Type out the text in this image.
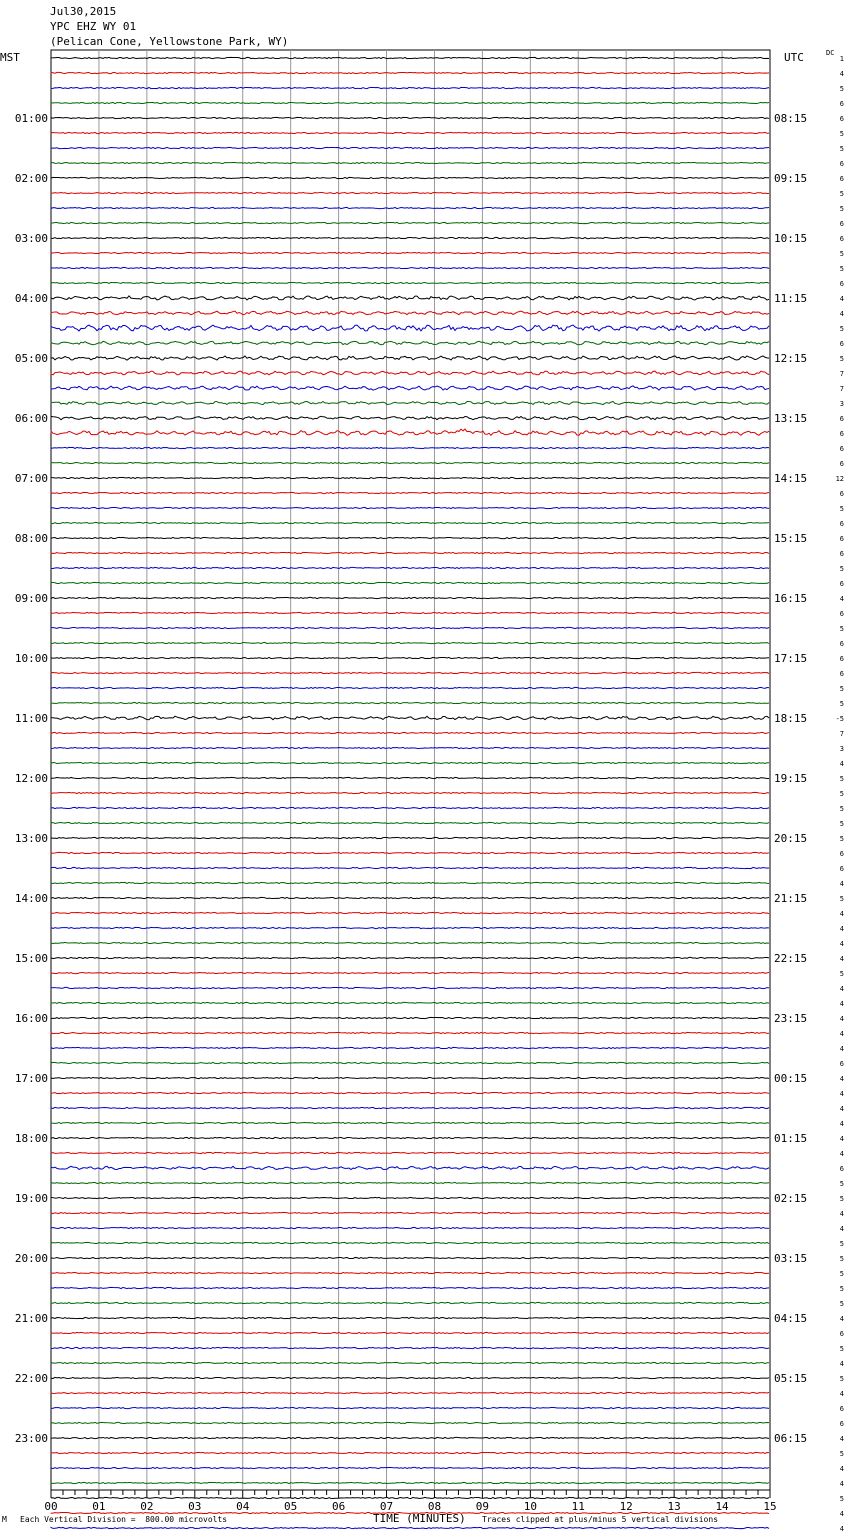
Jul30,2015
YPC EHZ WY 01
(Pelican Cone, Yellowstone Park, WY)
MST	UTC	DC
01:00	08:15
02:00	09:15
03:00	10:15
04:00	11:15
05:00	12:15
06:00	13:15
07:00	14:15
08:00	15:15
09:00	16:15
10:00	17:15
11:00	18:15
12:00	19:15
13:00	20:15
14:00	21:15
15:00	22:15
16:00	23:15
17:00	00:15
18:00	01:15
19:00	02:15
20:00	03:15
21:00	04:15
22:00	05:15
23:00	06:15
1
4
5
6
6
5
5
6
6
5
5
6
6
5
5
6
4
4
5
6
5
7
7
3
6
6
6
6
12
6
5
6
6
6
5
6
4
6
5
6
6
6
5
5
-5
7
3
4
5
5
5
5
5
6
6
4
5
4
4
4
4
5
4
4
4
4
4
6
4
4
4
4
4
4
6
5
5
4
4
5
5
5
5
5
4
6
5
4
5
4
6
6
4
5
4
4
5
4
4
00	01	02	03	04	05	06	07	08	09	10	11	12	13	14	15
M Each Vertical Division =  800.00 microvolts	TIME (MINUTES) Traces clipped at plus/minus 5 vertical divisions
